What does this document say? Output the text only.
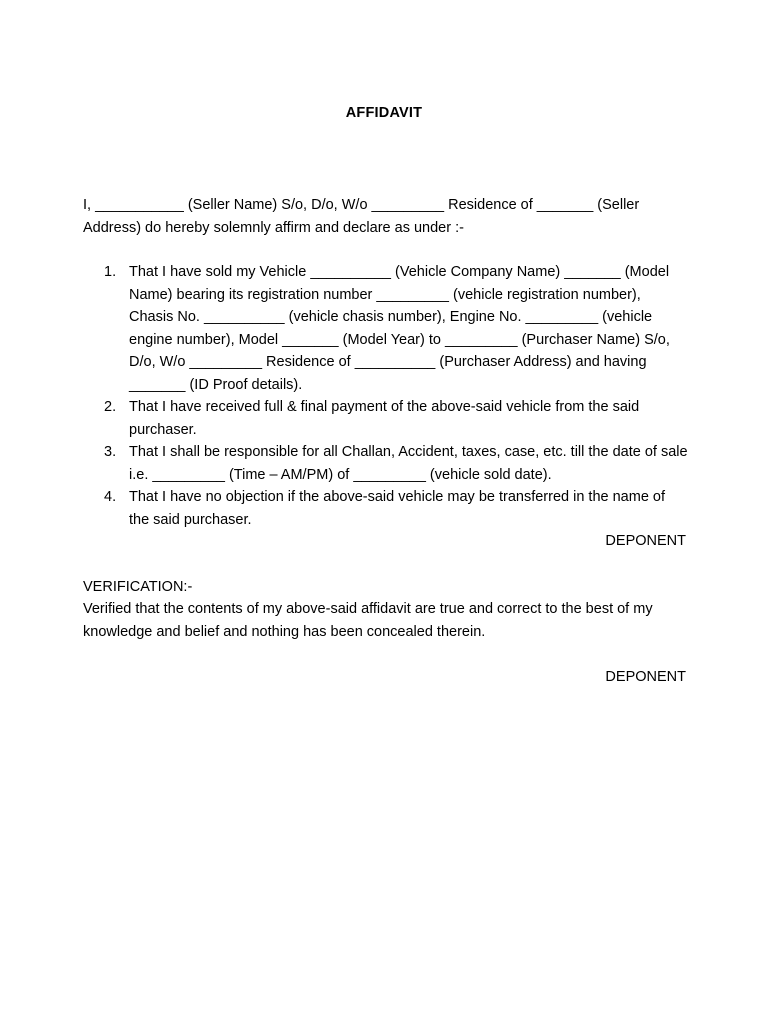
AFFIDAVIT

I, ___________ (Seller Name) S/o, D/o, W/o _________ Residence of _______ (Seller Address) do hereby solemnly affirm and declare as under :-

1. That I have sold my Vehicle __________ (Vehicle Company Name) _______ (Model Name) bearing its registration number _________ (vehicle registration number), Chasis No. __________ (vehicle chasis number), Engine No. _________ (vehicle engine number), Model _______ (Model Year) to _________ (Purchaser Name) S/o, D/o, W/o _________ Residence of __________ (Purchaser Address) and having _______ (ID Proof details).
2. That I have received full & final payment of the above-said vehicle from the said purchaser.
3. That I shall be responsible for all Challan, Accident, taxes, case, etc. till the date of sale i.e. _________ (Time – AM/PM) of _________ (vehicle sold date).
4. That I have no objection if the above-said vehicle may be transferred in the name of the said purchaser.
DEPONENT
VERIFICATION:-

Verified that the contents of my above-said affidavit are true and correct to the best of my knowledge and belief and nothing has been concealed therein.

DEPONENT
